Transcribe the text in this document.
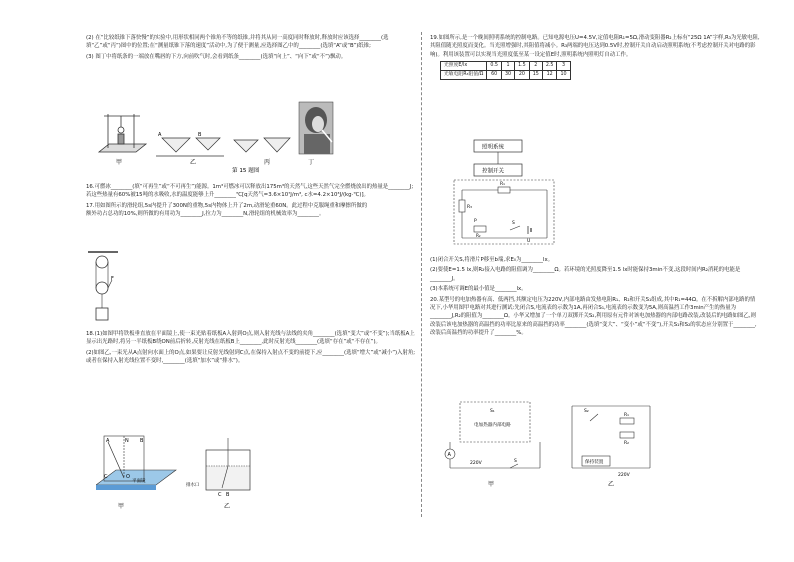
(2) 在“比较纸锥下落快慢”的实验中,用形状相同两个锥角不等的纸锥,并将其从同一高度同时释放时,释放时应该选择________(选填“乙”或“丙”)图中的位置;在“测量纸锥下落的速度”活动中,为了便于测量,应选择图乙中的________(选填“A”或“B”)纸锥;

(3) 图丁中将纸条的一端放在嘴唇的下方,向前吹气时,会看到纸条________(选填“向上”、“向下”或“不”)飘动。

A	B
甲	乙	丙	丁
第 15 题图

16.可燃冰________(填“可再生”或“不可再生”)能源。1m³可燃冰可以释放出175m³的天然气,这些天然气完全燃烧放出的热量是________J;若这些热量有60%被15吨的水吸收,水的温度能够上升________℃[q天然气=3.6×10⁷J/m³, c水=4.2×10³J/(kg·℃)]。

17.用如图所示的滑轮组,5s内提升了300N的重物,5s内物体上升了2m,动滑轮重60N。此过程中克服绳重和摩擦所做的额外功占总功的10%,则所做的有用功为________J,拉力为________N,滑轮组的机械效率为________。

F

18.(1)如图甲将铁板垂直放在平面镜上,使一束光贴着纸板A入射到O点,则入射光线与法线的夹角________(选填“变大”或“不变”);当纸板A上显示出光路时,将另一半纸板B绕ON前后折转,反射光线在纸板B上________,此时反射光线________(选填“存在”或“不存在”)。

(2)如图乙,一束光从A点射向水面上的O点,如果要让反射光线射到C点,在保持入射点不变的前提下,应________(选填“增大”或“减小”)入射角;或者在保持入射光线位置不变时,________(选填“加水”或“排水”)。

A	N B
C	O
平面镜
排水口
C B
甲	乙

19.如图所示,是一个晚间照明系统的控制电路。已知电源电压U=4.5V,定值电阻R₁=5Ω,滑动变阻器R₂上标有“25Ω 1A”字样,R₃为光敏电阻,其阻值随光照度而变化。当光照增强时,其阻值将减小。R₃两端的电压达到0.5V时,控制开关自动启动照明系统(不考虑控制开关对电路的影响)。利用该装置可以实现当光照度低至某一设定值E时,照明系统内照明灯自动工作。

光照度E/lx	0.5	1	1.5	2	2.5	3
光敏电阻R₃阻值/Ω	60	30	20	15	12	10
照明系统
控制开关
R₁
R₃
P
R₂
S
U

(1)闭合开关S,将滑片P移至b端,求E₀为________lx。

(2)要使E=1.5 lx,则R₂接入电路的阻值调为________Ω。若环境的光照度降至1.5 lx时能保持3min不变,这段时间内R₂消耗的电能是________J。

(3)本系统可调E的最小值是________lx。

20.某型号的电加热器有高、低两挡,其额定电压为220V,内部电路由发热电阻R₁、R₂和开关S₁组成,其中R₁=44Ω。在不拆解内部电路的情况下,小华用图甲电路对其进行测试:先闭合S,电流表的示数为1A,再闭合S₁,电流表的示数变为5A,则高温挡工作3min产生的热量为________J,R₂的阻值为________Ω。小华又增加了一个单刀双掷开关S₂,利用原有元件对该电加热器的内部电路改装,改装后的电路如图乙,则改装后该电加热器的高温挡的功率比原来的高温挡的功率________(选填“变大”、“变小”或“不变”),开关S₁和S₂的状态应分别置于________,改装后高温挡的功率提升了________%。

电加热器内部电路
S₁
A
220V	S
甲
S₂
R₁
R₂
保持装置
220V
乙
